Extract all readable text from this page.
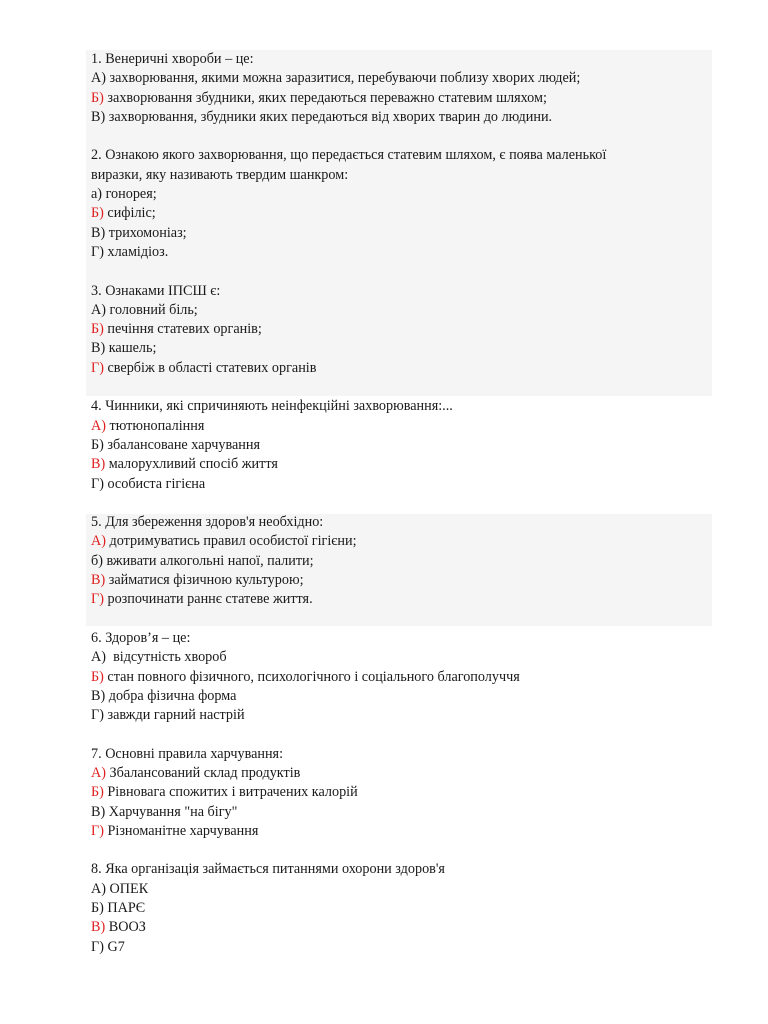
1. Венеричні хвороби – це:
А) захворювання, якими можна заразитися, перебуваючи поблизу хворих людей;
Б) захворювання збудники, яких передаються переважно статевим шляхом;
В) захворювання, збудники яких передаються від хворих тварин до людини.
2. Ознакою якого захворювання, що передається статевим шляхом, є поява маленької
виразки, яку називають твердим шанкром:
а) гонорея;
Б) сифіліс;
В) трихомоніаз;
Г) хламідіоз.
3. Ознаками ІПСШ є:
А) головний біль;
Б) печіння статевих органів;
В) кашель;
Г) свербіж в області статевих органів
4. Чинники, які спричиняють неінфекційні захворювання:...
А) тютюнопаління
Б) збалансоване харчування
В) малорухливий спосіб життя
Г) особиста гігієна
5. Для збереження здоров'я необхідно:
А) дотримуватись правил особистої гігієни;
б) вживати алкогольні напої, палити;
В) займатися фізичною культурою;
Г) розпочинати раннє статеве життя.
6. Здоров’я – це:
А)  відсутність хвороб
Б) стан повного фізичного, психологічного і соціального благополуччя
В) добра фізична форма
Г) завжди гарний настрій
7. Основні правила харчування:
А) Збалансований склад продуктів
Б) Рівновага спожитих і витрачених калорій
В) Харчування "на бігу"
Г) Різноманітне харчування
8. Яка організація займається питаннями охорони здоров'я
А) ОПЕК
Б) ПАРЄ
В) ВООЗ
Г) G7
